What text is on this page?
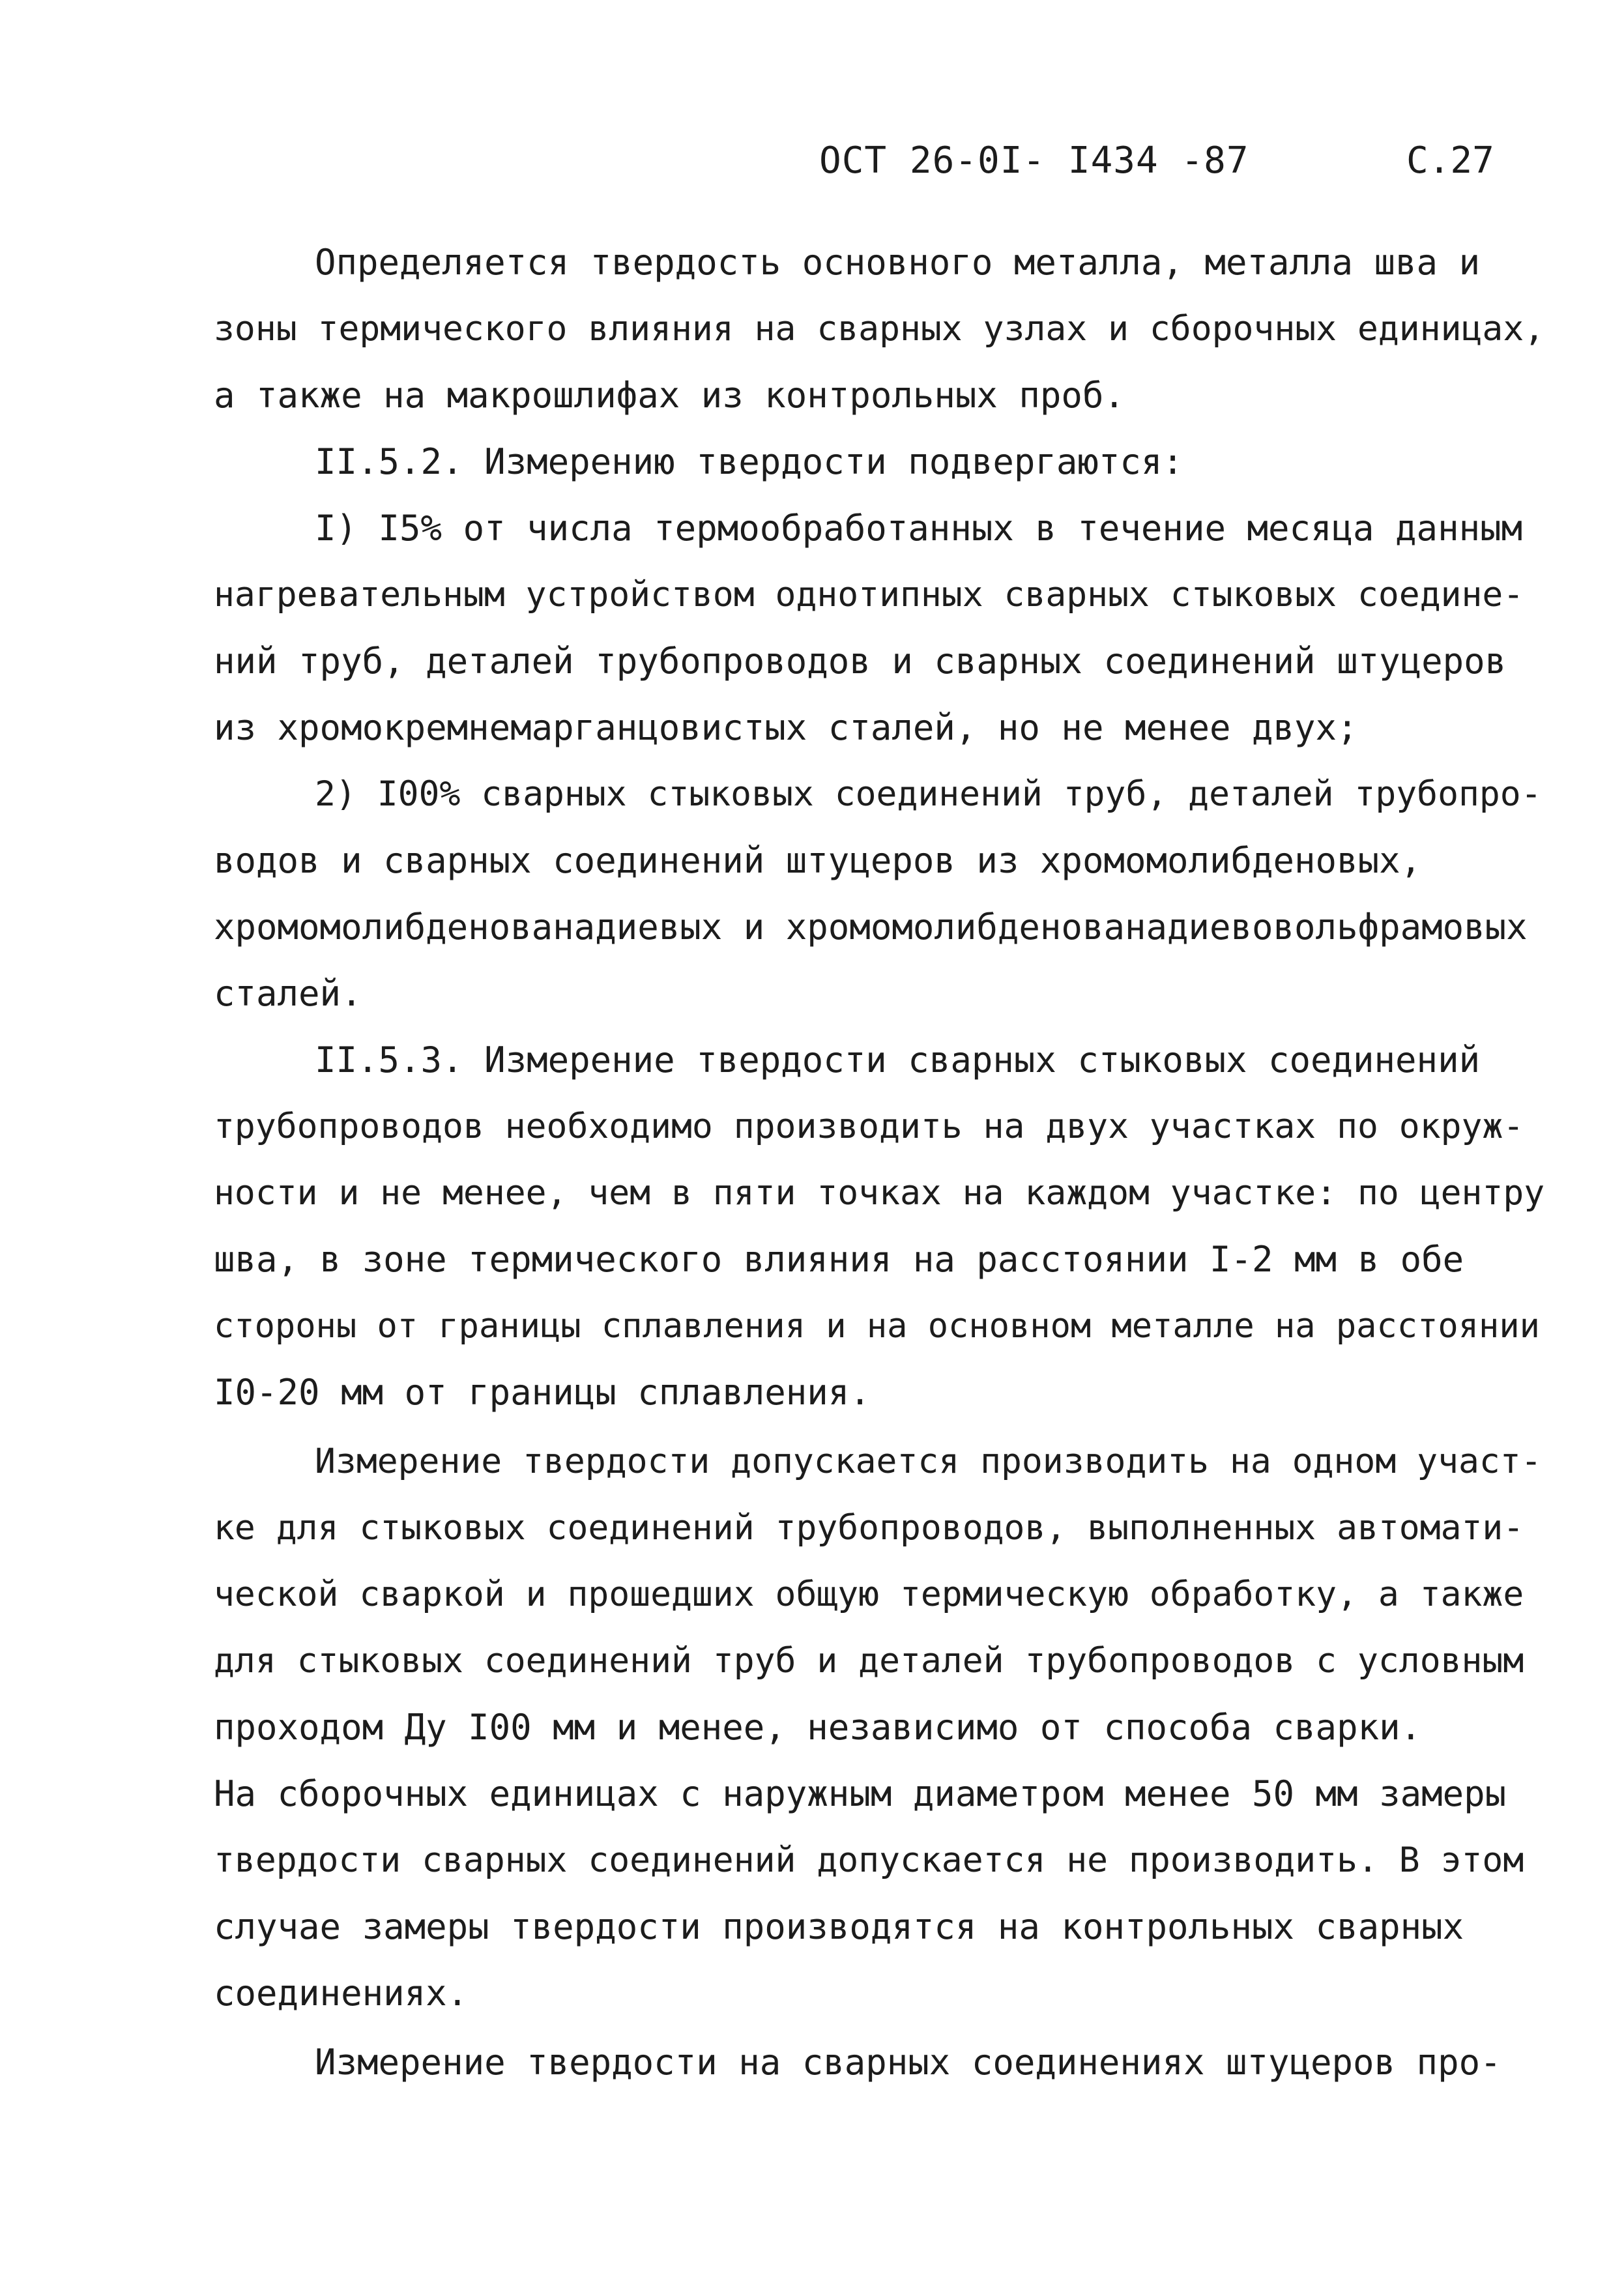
ОСТ 26-0I- I434 -87	С.27
Определяется твердость основного металла, металла шва и
зоны термического влияния на сварных узлах и сборочных единицах,
а также на макрошлифах из контрольных проб.
II.5.2. Измерению твердости подвергаются:
I) I5% от числа термообработанных в течение месяца данным
нагревательным устройством однотипных сварных стыковых соедине-
ний труб, деталей трубопроводов и сварных соединений штуцеров
из хромокремнемарганцовистых сталей, но не менее двух;
2) I00% сварных стыковых соединений труб, деталей трубопро-
водов и сварных соединений штуцеров из хромомолибденовых,
хромомолибденованадиевых и хромомолибденованадиевовольфрамовых
сталей.
II.5.3. Измерение твердости сварных стыковых соединений
трубопроводов необходимо производить на двух участках по окруж-
ности и не менее, чем в пяти точках на каждом участке: по центру
шва, в зоне термического влияния на расстоянии I-2 мм в обе
стороны от границы сплавления и на основном металле на расстоянии
I0-20 мм от границы сплавления.
Измерение твердости допускается производить на одном участ-
ке для стыковых соединений трубопроводов, выполненных автомати-
ческой сваркой и прошедших общую термическую обработку, а также
для стыковых соединений труб и деталей трубопроводов с условным
проходом Ду I00 мм и менее, независимо от способа сварки.
На сборочных единицах с наружным диаметром менее 50 мм замеры
твердости сварных соединений допускается не производить. В этом
случае замеры твердости производятся на контрольных сварных
соединениях.
Измерение твердости на сварных соединениях штуцеров про-
